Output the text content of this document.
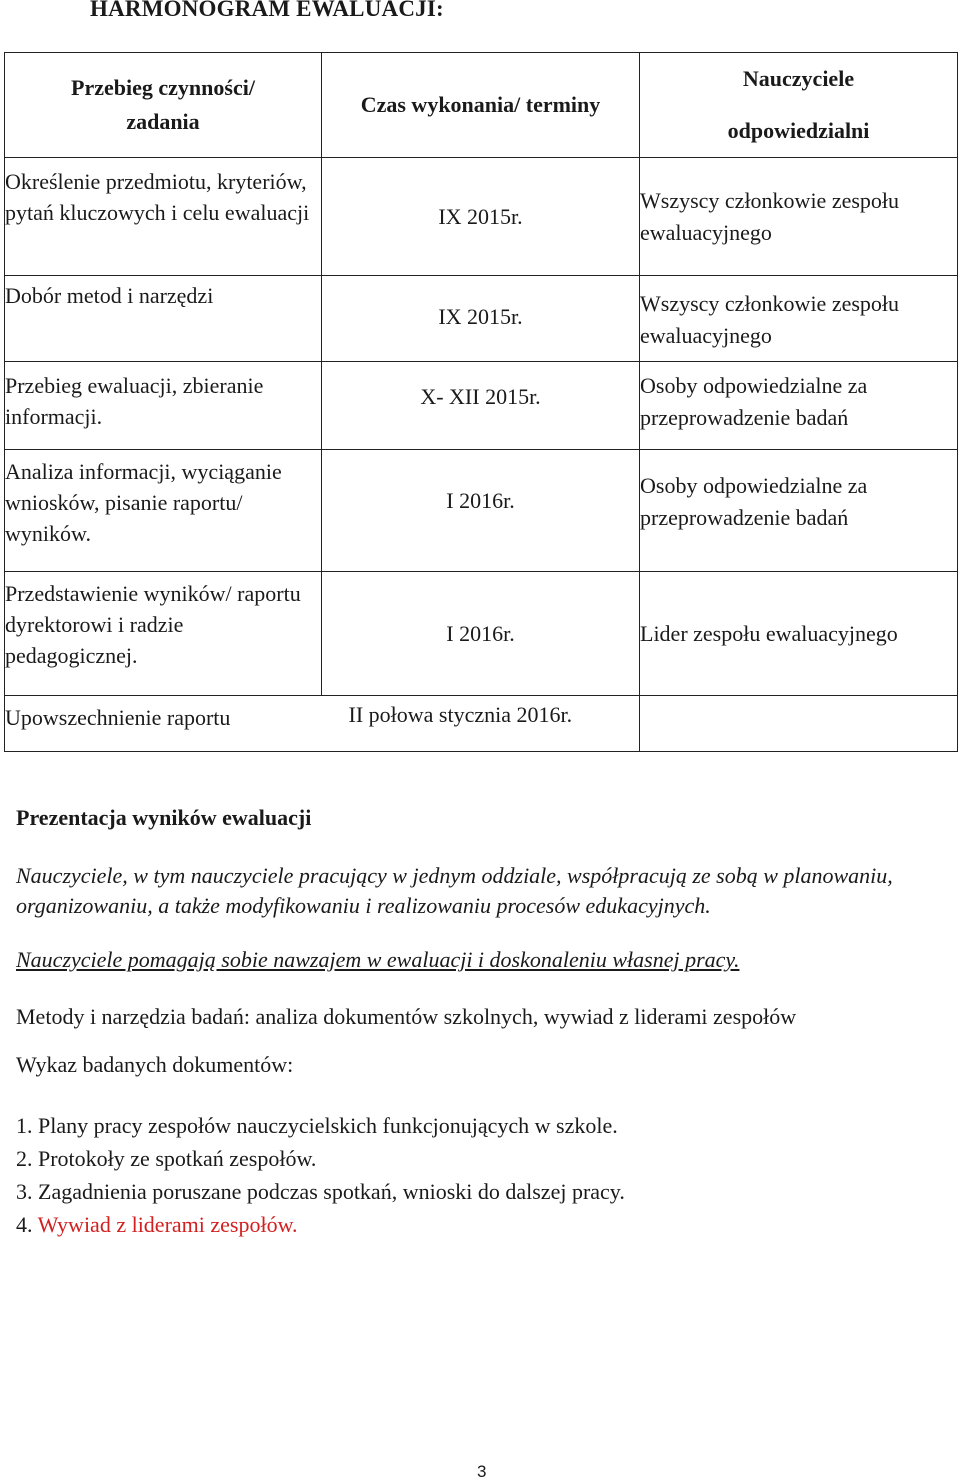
HARMONOGRAM EWALUACJI:
Przebieg czynności/ zadania	Czas wykonania/ terminy	Nauczyciele
odpowiedzialni

Określenie przedmiotu, kryteriów, pytań kluczowych i celu ewaluacji	IX 2015r.	Wszyscy członkowie zespołu ewaluacyjnego
Dobór metod i narzędzi	IX 2015r.	Wszyscy członkowie zespołu ewaluacyjnego
Przebieg ewaluacji, zbieranie informacji.	X- XII 2015r.	Osoby odpowiedzialne za przeprowadzenie badań
Analiza informacji, wyciąganie wniosków, pisanie raportu/ wyników.	I 2016r.	Osoby odpowiedzialne za przeprowadzenie badań
Przedstawienie wyników/ raportu dyrektorowi i radzie pedagogicznej.	I 2016r.	Lider zespołu ewaluacyjnego
Upowszechnienie raportu	II połowa stycznia 2016r.	

Prezentacja wyników ewaluacji

Nauczyciele, w tym nauczyciele pracujący w jednym oddziale, współpracują ze sobą w planowaniu, organizowaniu, a także modyfikowaniu i realizowaniu procesów edukacyjnych.

Nauczyciele pomagają sobie nawzajem w ewaluacji i doskonaleniu własnej pracy.

Metody i narzędzia badań: analiza dokumentów szkolnych, wywiad z liderami zespołów

Wykaz badanych dokumentów:

1. Plany pracy zespołów nauczycielskich funkcjonujących w szkole.
2. Protokoły ze spotkań zespołów.
3. Zagadnienia poruszane podczas spotkań, wnioski do dalszej pracy.
4. Wywiad z liderami zespołów.
3
